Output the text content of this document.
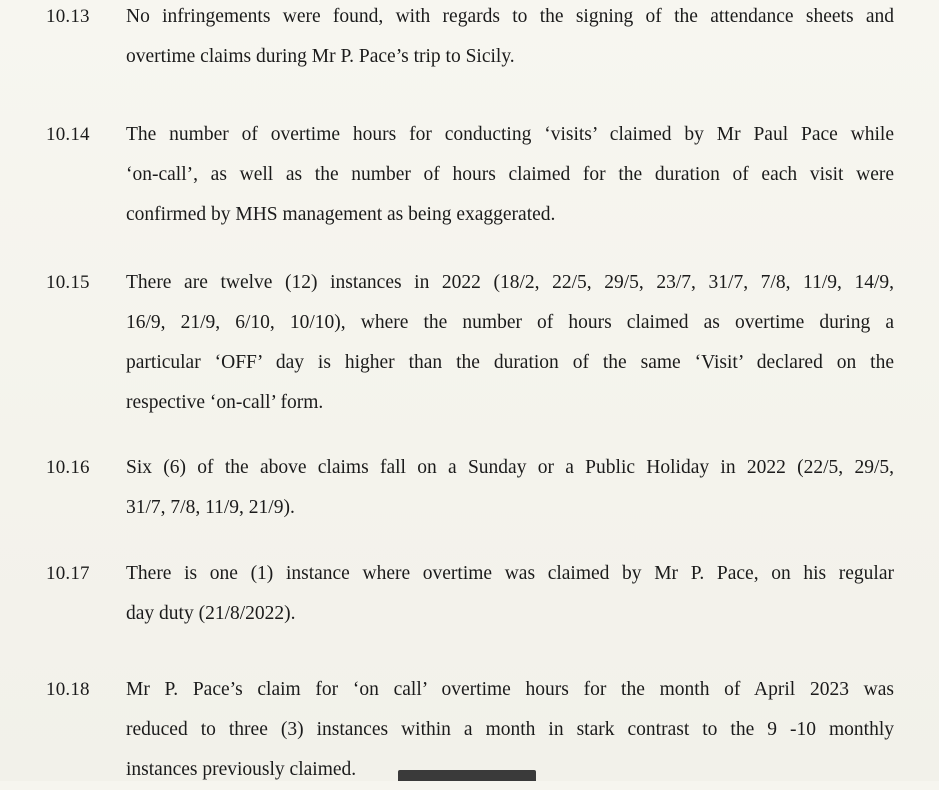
10.13 No infringements were found, with regards to the signing of the attendance sheets and
overtime claims during Mr P. Pace’s trip to Sicily.
10.14 The number of overtime hours for conducting ‘visits’ claimed by Mr Paul Pace while
‘on-call’, as well as the number of hours claimed for the duration of each visit were
confirmed by MHS management as being exaggerated.
10.15 There are twelve (12) instances in 2022 (18/2, 22/5, 29/5, 23/7, 31/7, 7/8, 11/9, 14/9,
16/9, 21/9, 6/10, 10/10), where the number of hours claimed as overtime during a
particular ‘OFF’ day is higher than the duration of the same ‘Visit’ declared on the
respective ‘on-call’ form.
10.16 Six (6) of the above claims fall on a Sunday or a Public Holiday in 2022 (22/5, 29/5,
31/7, 7/8, 11/9, 21/9).
10.17 There is one (1) instance where overtime was claimed by Mr P. Pace, on his regular
day duty (21/8/2022).
10.18 Mr P. Pace’s claim for ‘on call’ overtime hours for the month of April 2023 was
reduced to three (3) instances within a month in stark contrast to the 9 -10 monthly
instances previously claimed.
